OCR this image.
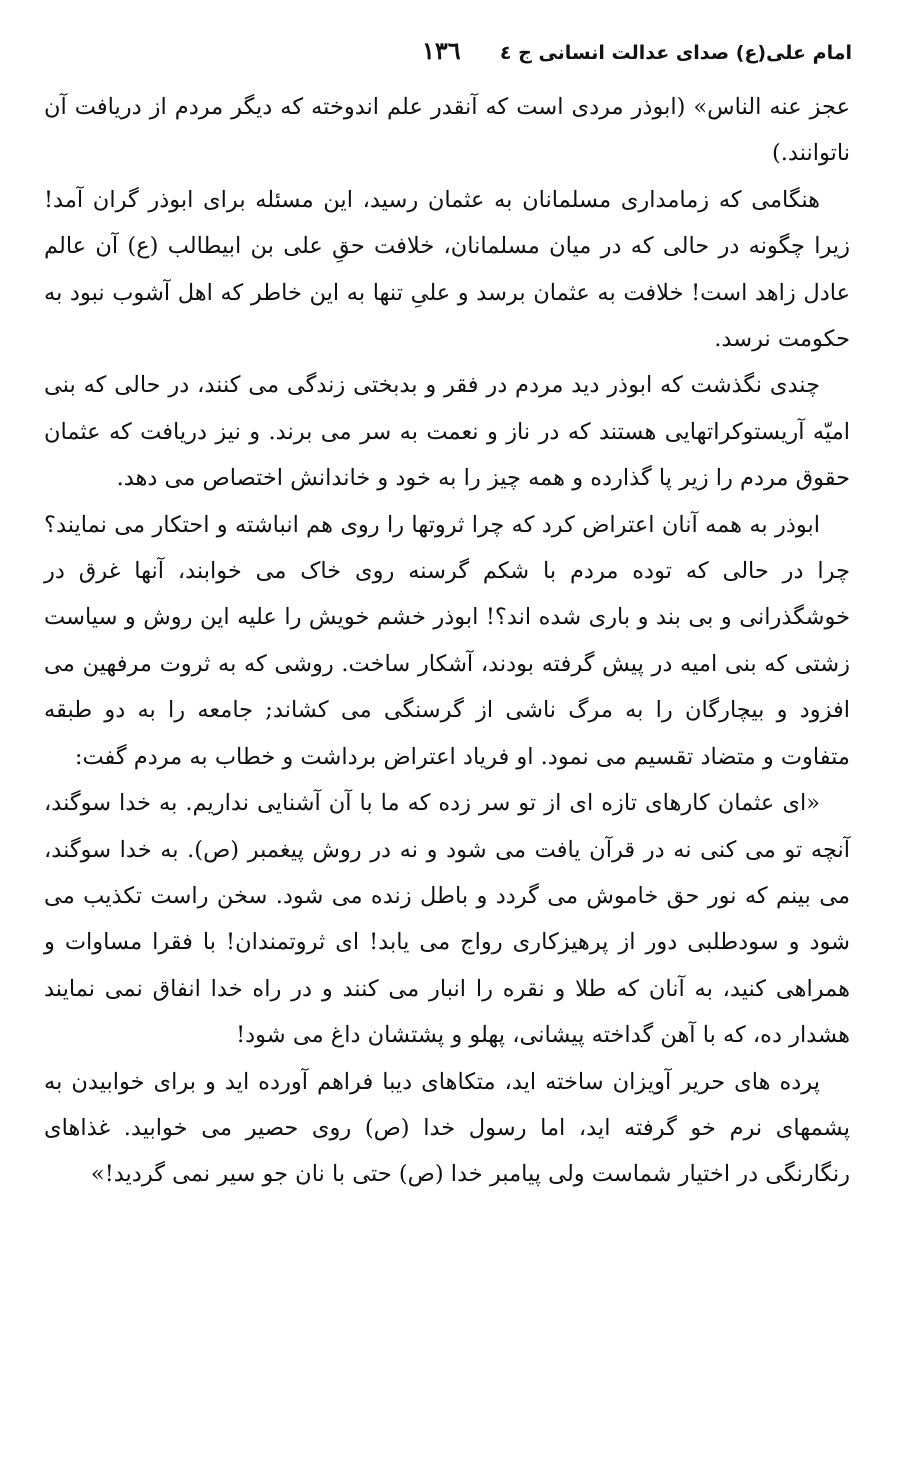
امام علی(ع) صدای عدالت انسانی ج ٤
١٣٦

عجز عنه الناس» (ابوذر مردی است که آنقدر علم اندوخته که دیگر مردم از دریافت آن ناتوانند.)

هنگامی که زمامداری مسلمانان به عثمان رسید، این مسئله برای ابوذر گران آمد! زیرا چگونه در حالی که در میان مسلمانان، خلافت حقِ علی بن ابیطالب (ع) آن عالم عادل زاهد است! خلافت به عثمان برسد و علیِ تنها به این خاطر که اهل آشوب نبود به حکومت نرسد.

چندی نگذشت که ابوذر دید مردم در فقر و بدبختی زندگی می کنند، در حالی که بنی امیّه آریستوکراتهایی هستند که در ناز و نعمت به سر می برند. و نیز دریافت که عثمان حقوق مردم را زیر پا گذارده و همه چیز را به خود و خاندانش اختصاص می دهد.

ابوذر به همه آنان اعتراض کرد که چرا ثروتها را روی هم انباشته و احتکار می نمایند؟ چرا در حالی که توده مردم با شکم گرسنه روی خاک می خوابند، آنها غرق در خوشگذرانی و بی بند و باری شده اند؟! ابوذر خشم خویش را علیه این روش و سیاست زشتی که بنی امیه در پیش گرفته بودند، آشکار ساخت. روشی که به ثروت مرفهین می افزود و بیچارگان را به مرگ ناشی از گرسنگی می کشاند; جامعه را به دو طبقه متفاوت و متضاد تقسیم می نمود. او فریاد اعتراض برداشت و خطاب به مردم گفت:

«ای عثمان کارهای تازه ای از تو سر زده که ما با آن آشنایی نداریم. به خدا سوگند، آنچه تو می کنی نه در قرآن یافت می شود و نه در روش پیغمبر (ص). به خدا سوگند، می بینم که نور حق خاموش می گردد و باطل زنده می شود. سخن راست تکذیب می شود و سودطلبی دور از پرهیزکاری رواج می یابد! ای ثروتمندان! با فقرا مساوات و همراهی کنید، به آنان که طلا و نقره را انبار می کنند و در راه خدا انفاق نمی نمایند هشدار ده، که با آهن گداخته پیشانی، پهلو و پشتشان داغ می شود!

پرده های حریر آویزان ساخته اید، متکاهای دیبا فراهم آورده اید و برای خوابیدن به پشمهای نرم خو گرفته اید، اما رسول خدا (ص) روی حصیر می خوابید. غذاهای رنگارنگی در اختیار شماست ولی پیامبر خدا (ص) حتی با نان جو سیر نمی گردید!»
